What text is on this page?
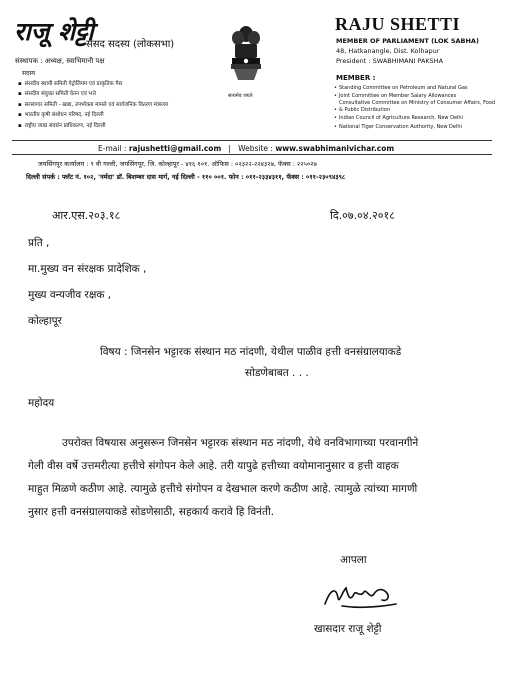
राजू शेट्टी
संसद सदस्य (लोकसभा)
संस्थापक : अध्यक्ष, स्वाभिमानी पक्ष
सदस्य
▪ संसदीय स्थायी समिती पेट्रोलियम एवं प्राकृतिक गैस
▪ संसदीय संयुक्त समिती वेतन एवं भत्ते
▪ सल्लागार समिती - खाद्य, उपभोक्ता मामले एवं सार्वजनिक वितरण मंत्रालय
▪ भारतीय कृषी संशोधन परिषद, नई दिल्ली
▪ राष्ट्रीय व्याघ्र संवर्धन प्राधिकरण, नई दिल्ली
सत्यमेव जयते
RAJU SHETTI
MEMBER OF PARLIAMENT (LOK SABHA)
48, Hatkanangle, Dist. Kolhapur
President : SWABHIMANI PAKSHA
MEMBER :
• Standing Committee on Petroleum and Natural Gas
• Joint Committee on Member Salary Allowances
• Consultative Committee on Ministry of Consumer Affairs, Food & Public Distribution
• Indian Council of Agriculture Research, New Delhi
• National Tiger Conservation Authority, New Delhi
E-mail : rajushetti@gmail.com   |   Website : www.swabhimanivichar.com
जयसिंगपूर कार्यालय : ९ वी गल्ली, जयसिंगपूर, जि. कोल्हापूर - ४१६ १०१. ऑफिस : ०२३२२-२२४३२७, फॅक्स : २२५०२७
दिल्ली संपर्क : फ्लॅट नं. १०२, 'नर्मदा' डॉ. बिशम्बर दास मार्ग, नई दिल्ली - ११० ००१. फोन : ०११-२३३४३११, फॅक्स : ०११-२३०९४३९८
आर.एस.२०३.१८	दि.०७.०४.२०१८
प्रति ,
मा.मुख्य वन संरक्षक प्रादेशिक ,
मुख्य वन्यजीव रक्षक ,
कोल्हापूर
विषय : जिनसेन भट्टारक संस्थान मठ नांदणी, येथील पाळीव हत्ती वनसंग्रालयाकडे
सोडणेबाबत . . .
महोदय
उपरोक्त विषयास अनुसरून जिनसेन भट्टारक संस्थान मठ नांदणी, येथे वनविभागाच्या परवानगीने
गेली वीस वर्षे उत्तमरीत्या हत्तीचे संगोपन केले आहे. तरी यापुढे हत्तीच्या वयोमानानुसार व हत्ती वाहक
माहुत मिळणे कठीण आहे. त्यामुळे हत्तीचे संगोपन व देखभाल करणे कठीण आहे. त्यामुळे त्यांच्या मागणी
नुसार हत्ती वनसंग्रालयाकडे सोडणेसाठी, सहकार्य करावे हि विनंती.
आपला
खासदार राजू शेट्टी
